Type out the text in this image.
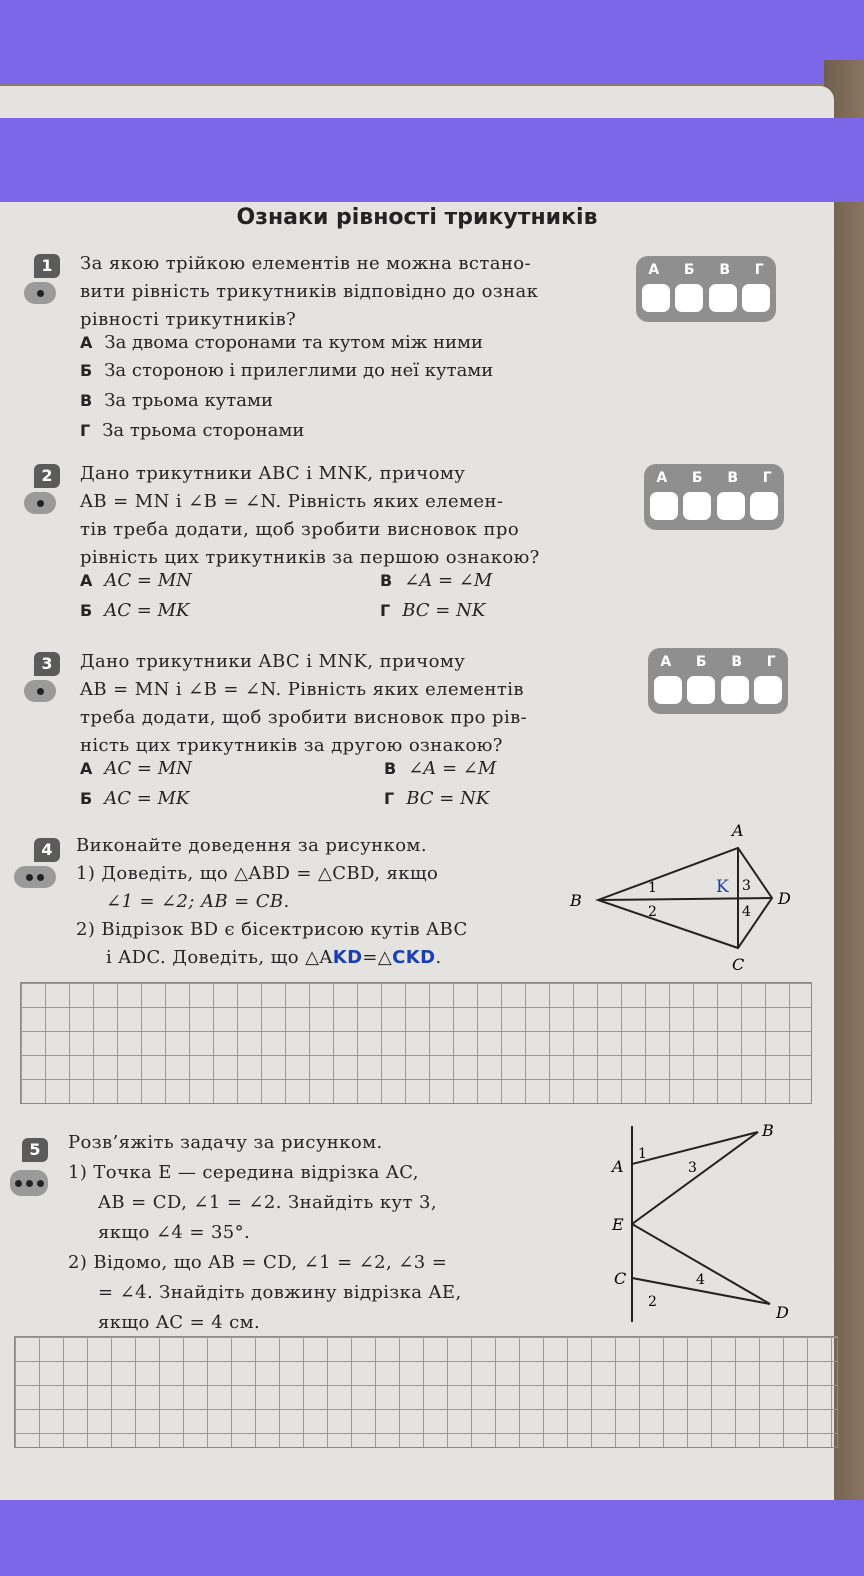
Ознаки рівності трикутників
1	За якою трійкою елементів не можна встано-
вити рівність трикутників відповідно до ознак
рівності трикутників?
А За двома сторонами та кутом між ними
Б За стороною і прилеглими до неї кутами
В За трьома кутами
Г За трьома сторонами
А Б В Г
2	Дано трикутники ABC і MNK, причому
AB = MN і ∠B = ∠N. Рівність яких елемен-
тів треба додати, щоб зробити висновок про
рівність цих трикутників за першою ознакою?
А AC = MN	В ∠A = ∠M
Б AC = MK	Г BC = NK
А Б В Г
3	Дано трикутники ABC і MNK, причому
AB = MN і ∠B = ∠N. Рівність яких елементів
треба додати, щоб зробити висновок про рів-
ність цих трикутників за другою ознакою?
А AC = MN	В ∠A = ∠M
Б AC = MK	Г BC = NK
А Б В Г
4	Виконайте доведення за рисунком.
1) Доведіть, що △ABD = △CBD, якщо
∠1 = ∠2; AB = CB.
2) Відрізок BD є бісектрисою кутів ABC
і ADC. Доведіть, що △AKD=△CKD.
A
B
C
D
K
1
2
3
4
5	Розв’яжіть задачу за рисунком.
1) Точка E — середина відрізка AC,
AB = CD, ∠1 = ∠2. Знайдіть кут 3,
якщо ∠4 = 35°.
2) Відомо, що AB = CD, ∠1 = ∠2, ∠3 =
= ∠4. Знайдіть довжину відрізка AE,
якщо AC = 4 см.
A
B
E
C
D
1
2
3
4
